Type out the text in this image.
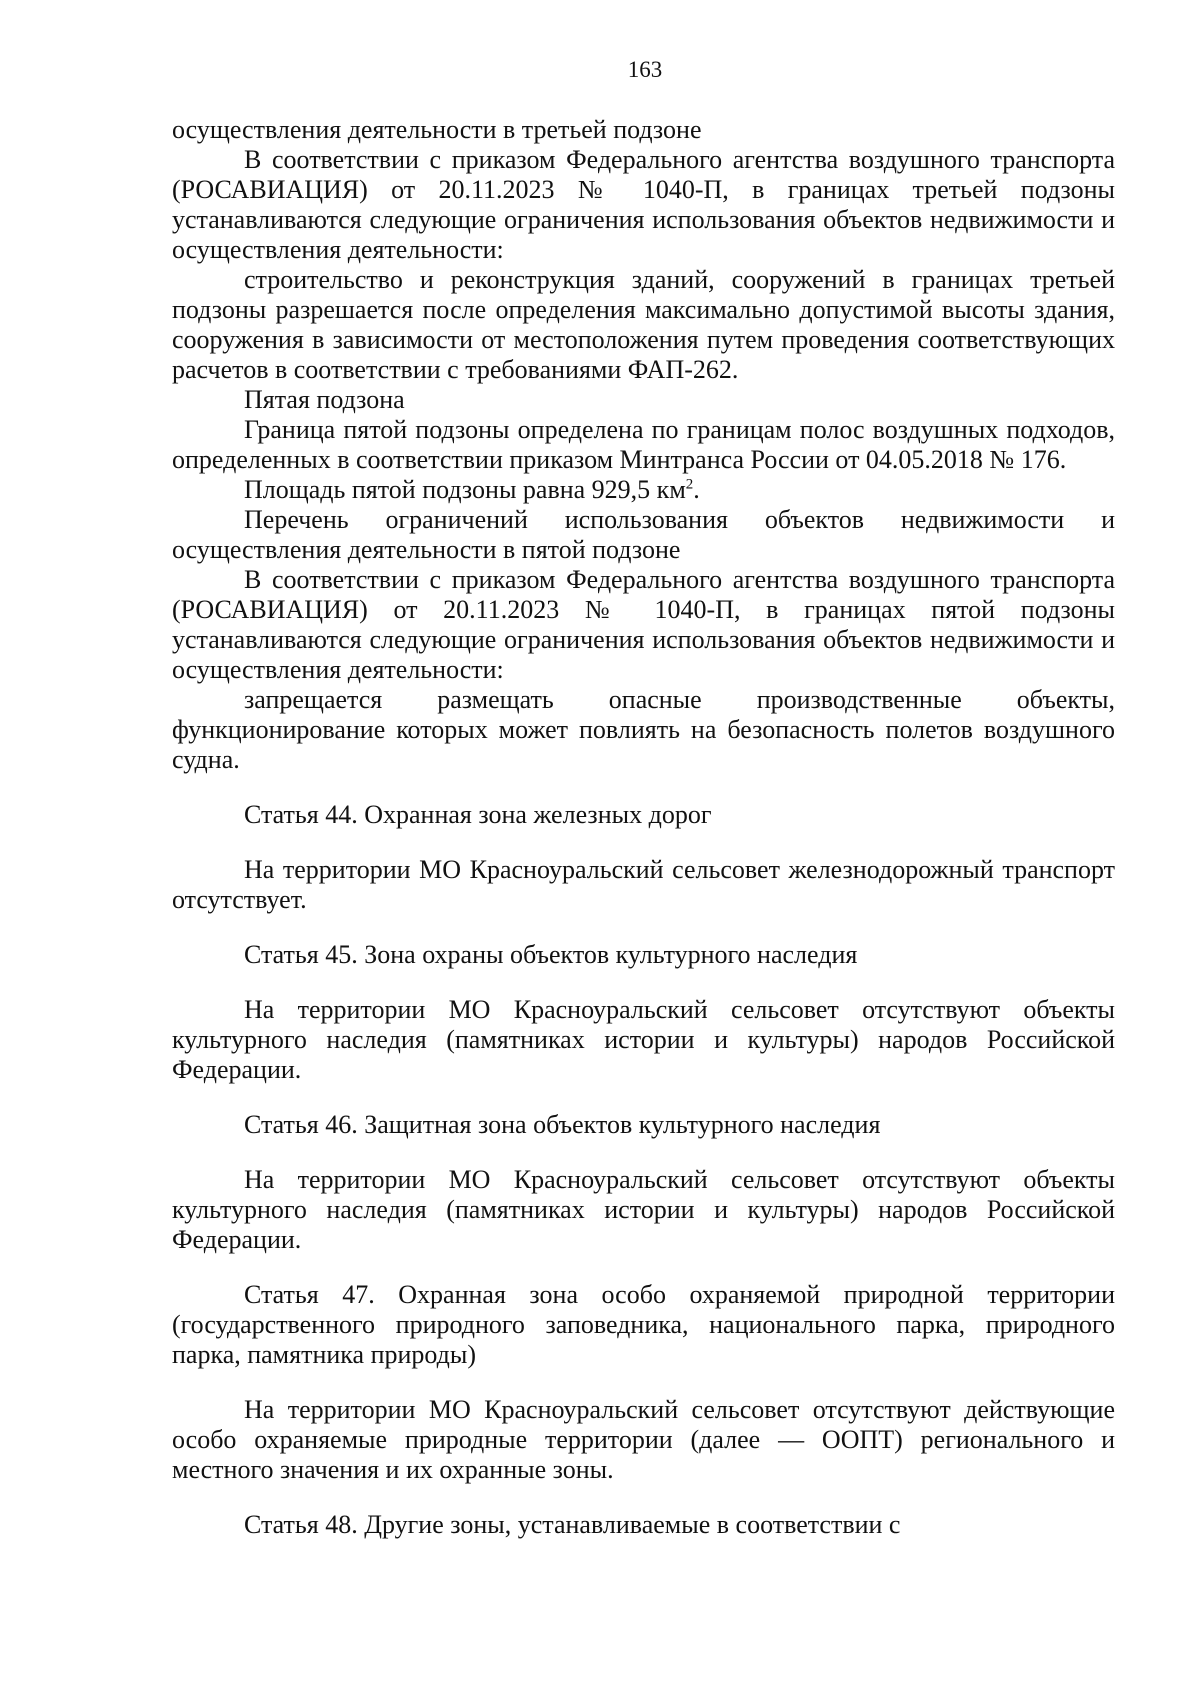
163

осуществления деятельности в третьей подзоне

В соответствии с приказом Федерального агентства воздушного транспорта (РОСАВИАЦИЯ) от 20.11.2023 № 1040-П, в границах третьей подзоны устанавливаются следующие ограничения использования объектов недвижимости и осуществления деятельности:

строительство и реконструкция зданий, сооружений в границах третьей подзоны разрешается после определения максимально допустимой высоты здания, сооружения в зависимости от местоположения путем проведения соответствующих расчетов в соответствии с требованиями ФАП-262.

Пятая подзона

Граница пятой подзоны определена по границам полос воздушных подходов, определенных в соответствии приказом Минтранса России от 04.05.2018 № 176.

Площадь пятой подзоны равна 929,5 $км^2$.

Перечень ограничений использования объектов недвижимости и осуществления деятельности в пятой подзоне

В соответствии с приказом Федерального агентства воздушного транспорта (РОСАВИАЦИЯ) от 20.11.2023 № 1040-П, в границах пятой подзоны устанавливаются следующие ограничения использования объектов недвижимости и осуществления деятельности:

запрещается размещать опасные производственные объекты, функционирование которых может повлиять на безопасность полетов воздушного судна.

Статья 44. Охранная зона железных дорог

На территории МО Красноуральский сельсовет железнодорожный транспорт отсутствует.

Статья 45. Зона охраны объектов культурного наследия

На территории МО Красноуральский сельсовет отсутствуют объекты культурного наследия (памятниках истории и культуры) народов Российской Федерации.

Статья 46. Защитная зона объектов культурного наследия

На территории МО Красноуральский сельсовет отсутствуют объекты культурного наследия (памятниках истории и культуры) народов Российской Федерации.

Статья 47. Охранная зона особо охраняемой природной территории (государственного природного заповедника, национального парка, природного парка, памятника природы)

На территории МО Красноуральский сельсовет отсутствуют действующие особо охраняемые природные территории (далее — ООПТ) регионального и местного значения и их охранные зоны.

Статья 48. Другие зоны, устанавливаемые в соответствии с
